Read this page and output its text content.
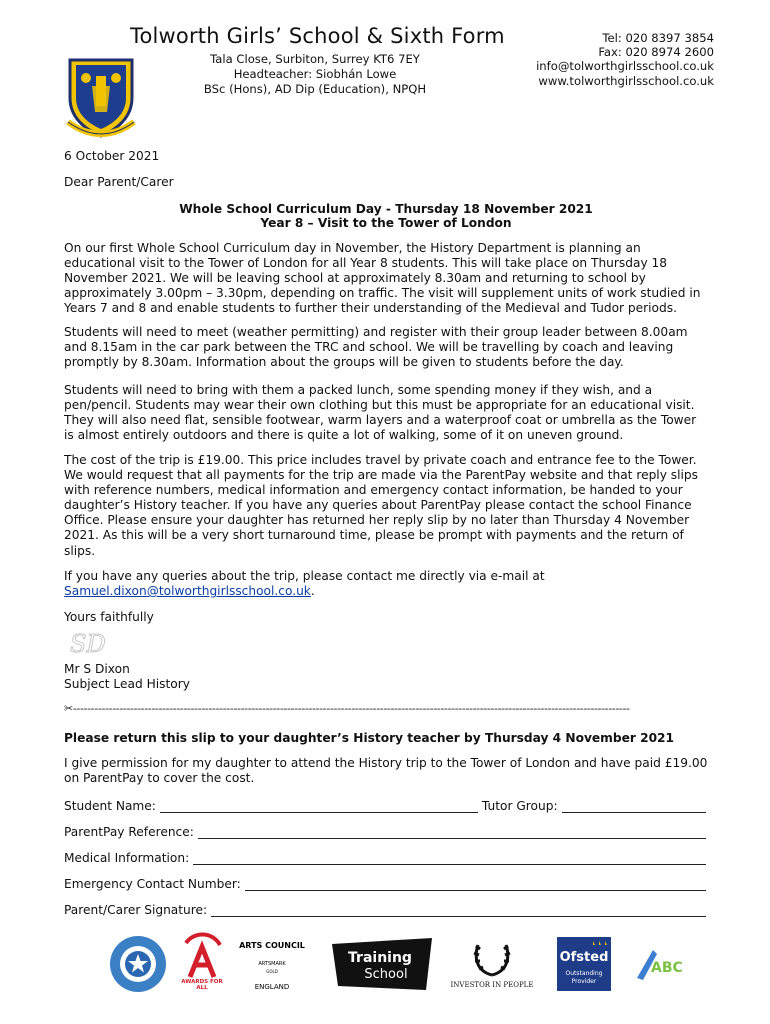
Tolworth Girls’ School & Sixth Form
Tala Close, Surbiton, Surrey KT6 7EY
Headteacher: Siobhán Lowe
BSc (Hons), AD Dip (Education), NPQH
Tel: 020 8397 3854
Fax: 020 8974 2600
info@tolworthgirlsschool.co.uk
www.tolworthgirlsschool.co.uk
6 October 2021
Dear Parent/Carer
Whole School Curriculum Day - Thursday 18 November 2021
Year 8 – Visit to the Tower of London
On our first Whole School Curriculum day in November, the History Department is planning an educational visit to the Tower of London for all Year 8 students. This will take place on Thursday 18 November 2021. We will be leaving school at approximately 8.30am and returning to school by approximately 3.00pm – 3.30pm, depending on traffic. The visit will supplement units of work studied in Years 7 and 8 and enable students to further their understanding of the Medieval and Tudor periods.
Students will need to meet (weather permitting) and register with their group leader between 8.00am and 8.15am in the car park between the TRC and school. We will be travelling by coach and leaving promptly by 8.30am. Information about the groups will be given to students before the day.
Students will need to bring with them a packed lunch, some spending money if they wish, and a pen/pencil. Students may wear their own clothing but this must be appropriate for an educational visit. They will also need flat, sensible footwear, warm layers and a waterproof coat or umbrella as the Tower is almost entirely outdoors and there is quite a lot of walking, some of it on uneven ground.
The cost of the trip is £19.00. This price includes travel by private coach and entrance fee to the Tower. We would request that all payments for the trip are made via the ParentPay website and that reply slips with reference numbers, medical information and emergency contact information, be handed to your daughter’s History teacher. If you have any queries about ParentPay please contact the school Finance Office. Please ensure your daughter has returned her reply slip by no later than Thursday 4 November 2021. As this will be a very short turnaround time, please be prompt with payments and the return of slips.
If you have any queries about the trip, please contact me directly via e-mail at
Samuel.dixon@tolworthgirlsschool.co.uk.
Yours faithfully
SD
Mr S Dixon
Subject Lead History
✂------------------------------------------------------------------------------------------------------------------------------------------------------------
Please return this slip to your daughter’s History teacher by Thursday 4 November 2021
I give permission for my daughter to attend the History trip to the Tower of London and have paid £19.00 on ParentPay to cover the cost.
Student Name:	Tutor Group:
ParentPay Reference:
Medical Information:
Emergency Contact Number:
Parent/Carer Signature:
AWARDS FOR ALL
ARTS COUNCIL
ARTSMARK
GOLD
ENGLAND
Training
School
INVESTOR IN PEOPLE
Ofsted
Outstanding
Provider
ABC
